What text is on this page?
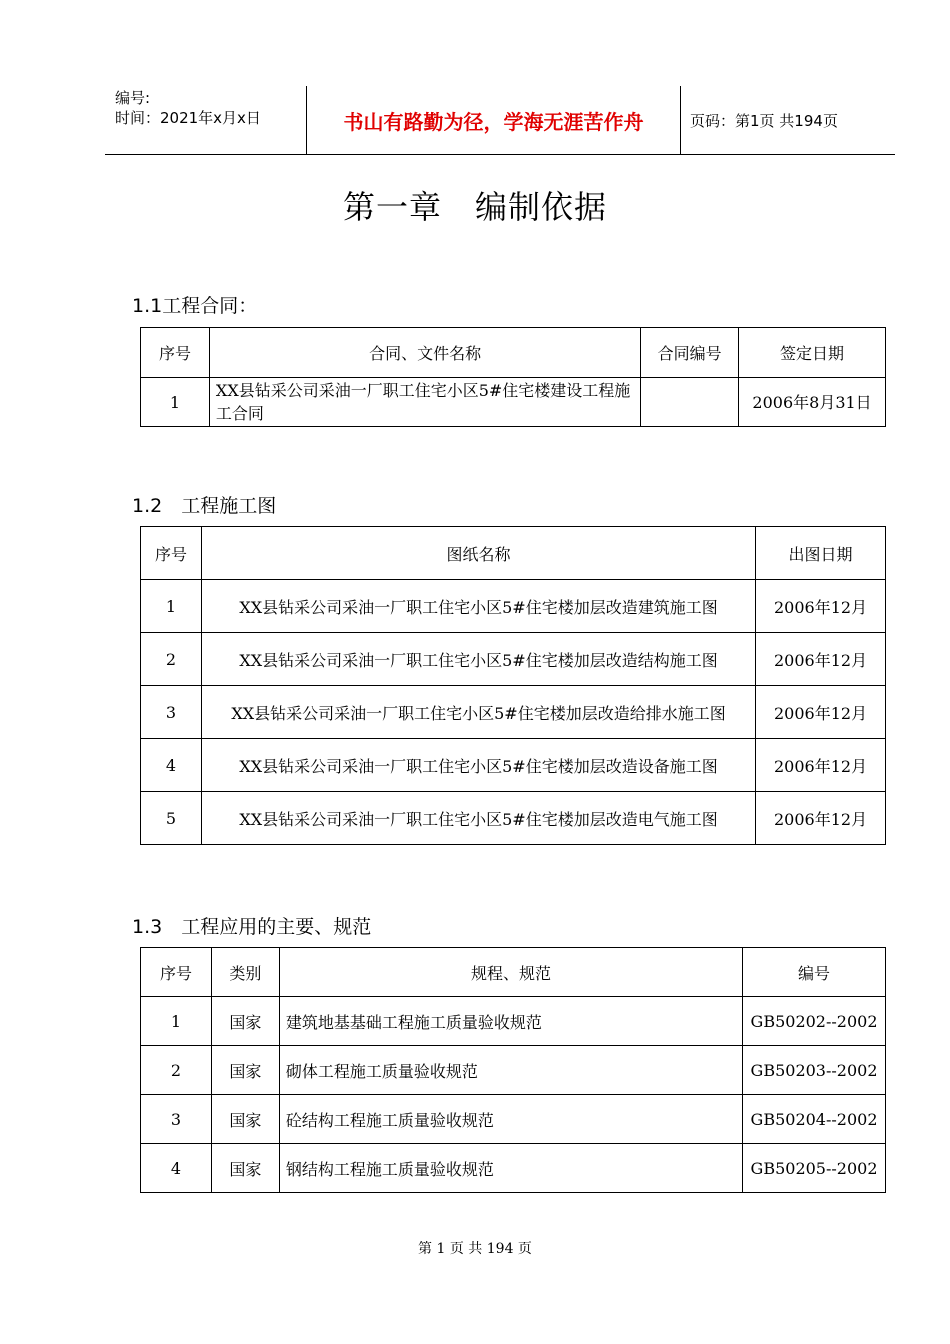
编号:
时间：2021年x月x日	书山有路勤为径，学海无涯苦作舟	页码：第1页 共194页
第一章　编制依据
1.1工程合同：
序号	合同、文件名称	合同编号	签定日期
1	XX县钻采公司采油一厂职工住宅小区5#住宅楼建设工程施工合同		2006年8月31日
1.2　工程施工图
序号	图纸名称	出图日期
1	XX县钻采公司采油一厂职工住宅小区5#住宅楼加层改造建筑施工图	2006年12月
2	XX县钻采公司采油一厂职工住宅小区5#住宅楼加层改造结构施工图	2006年12月
3	XX县钻采公司采油一厂职工住宅小区5#住宅楼加层改造给排水施工图	2006年12月
4	XX县钻采公司采油一厂职工住宅小区5#住宅楼加层改造设备施工图	2006年12月
5	XX县钻采公司采油一厂职工住宅小区5#住宅楼加层改造电气施工图	2006年12月
1.3　工程应用的主要、规范
序号	类别	规程、规范	编号
1	国家	建筑地基基础工程施工质量验收规范	GB50202--2002
2	国家	砌体工程施工质量验收规范	GB50203--2002
3	国家	砼结构工程施工质量验收规范	GB50204--2002
4	国家	钢结构工程施工质量验收规范	GB50205--2002
第 1 页 共 194 页
